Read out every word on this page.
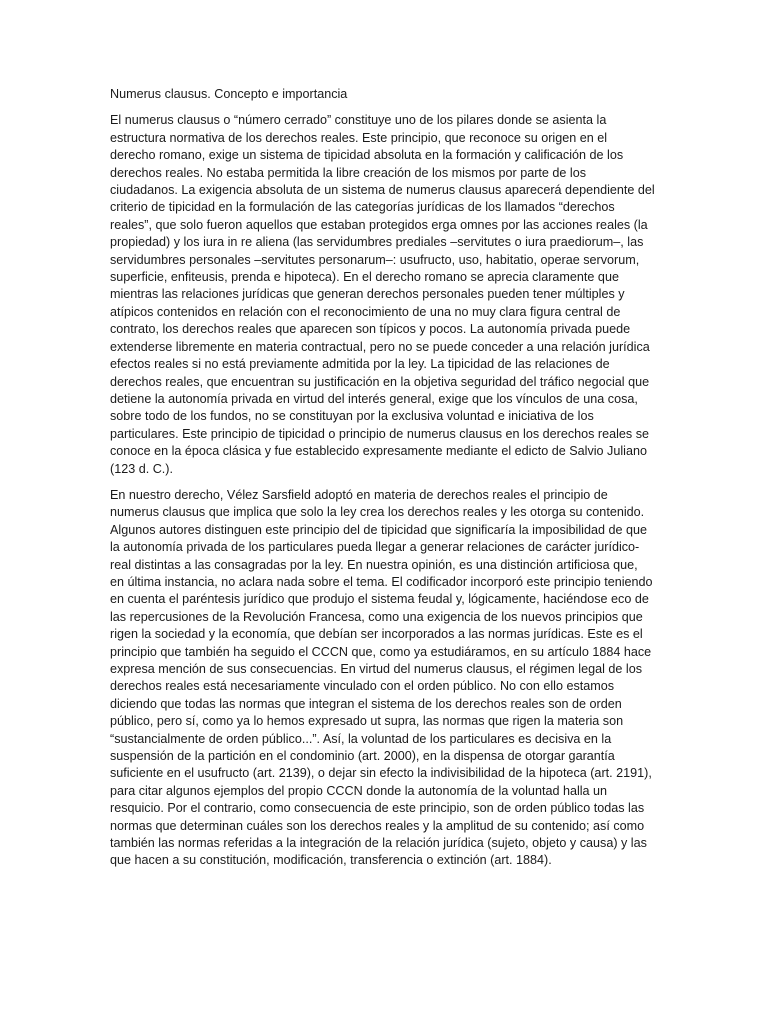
Numerus clausus. Concepto e importancia

El numerus clausus o “número cerrado” constituye uno de los pilares donde se asienta la estructura normativa de los derechos reales. Este principio, que reconoce su origen en el derecho romano, exige un sistema de tipicidad absoluta en la formación y calificación de los derechos reales. No estaba permitida la libre creación de los mismos por parte de los ciudadanos. La exigencia absoluta de un sistema de numerus clausus aparecerá dependiente del criterio de tipicidad en la formulación de las categorías jurídicas de los llamados “derechos reales”, que solo fueron aquellos que estaban protegidos erga omnes por las acciones reales (la propiedad) y los iura in re aliena (las servidumbres prediales –servitutes o iura praediorum–, las servidumbres personales –servitutes personarum–: usufructo, uso, habitatio, operae servorum, superficie, enfiteusis, prenda e hipoteca). En el derecho romano se aprecia claramente que mientras las relaciones jurídicas que generan derechos personales pueden tener múltiples y atípicos contenidos en relación con el reconocimiento de una no muy clara figura central de contrato, los derechos reales que aparecen son típicos y pocos. La autonomía privada puede extenderse libremente en materia contractual, pero no se puede conceder a una relación jurídica efectos reales si no está previamente admitida por la ley. La tipicidad de las relaciones de derechos reales, que encuentran su justificación en la objetiva seguridad del tráfico negocial que detiene la autonomía privada en virtud del interés general, exige que los vínculos de una cosa, sobre todo de los fundos, no se constituyan por la exclusiva voluntad e iniciativa de los particulares. Este principio de tipicidad o principio de numerus clausus en los derechos reales se conoce en la época clásica y fue establecido expresamente mediante el edicto de Salvio Juliano (123 d. C.).

En nuestro derecho, Vélez Sarsfield adoptó en materia de derechos reales el principio de numerus clausus que implica que solo la ley crea los derechos reales y les otorga su contenido. Algunos autores distinguen este principio del de tipicidad que significaría la imposibilidad de que la autonomía privada de los particulares pueda llegar a generar relaciones de carácter jurídico-real distintas a las consagradas por la ley. En nuestra opinión, es una distinción artificiosa que, en última instancia, no aclara nada sobre el tema. El codificador incorporó este principio teniendo en cuenta el paréntesis jurídico que produjo el sistema feudal y, lógicamente, haciéndose eco de las repercusiones de la Revolución Francesa, como una exigencia de los nuevos principios que rigen la sociedad y la economía, que debían ser incorporados a las normas jurídicas. Este es el principio que también ha seguido el CCCN que, como ya estudiáramos, en su artículo 1884 hace expresa mención de sus consecuencias. En virtud del numerus clausus, el régimen legal de los derechos reales está necesariamente vinculado con el orden público. No con ello estamos diciendo que todas las normas que integran el sistema de los derechos reales son de orden público, pero sí, como ya lo hemos expresado ut supra, las normas que rigen la materia son “sustancialmente de orden público...”. Así, la voluntad de los particulares es decisiva en la suspensión de la partición en el condominio (art. 2000), en la dispensa de otorgar garantía suficiente en el usufructo (art. 2139), o dejar sin efecto la indivisibilidad de la hipoteca (art. 2191), para citar algunos ejemplos del propio CCCN donde la autonomía de la voluntad halla un resquicio. Por el contrario, como consecuencia de este principio, son de orden público todas las normas que determinan cuáles son los derechos reales y la amplitud de su contenido; así como también las normas referidas a la integración de la relación jurídica (sujeto, objeto y causa) y las que hacen a su constitución, modificación, transferencia o extinción (art. 1884).
